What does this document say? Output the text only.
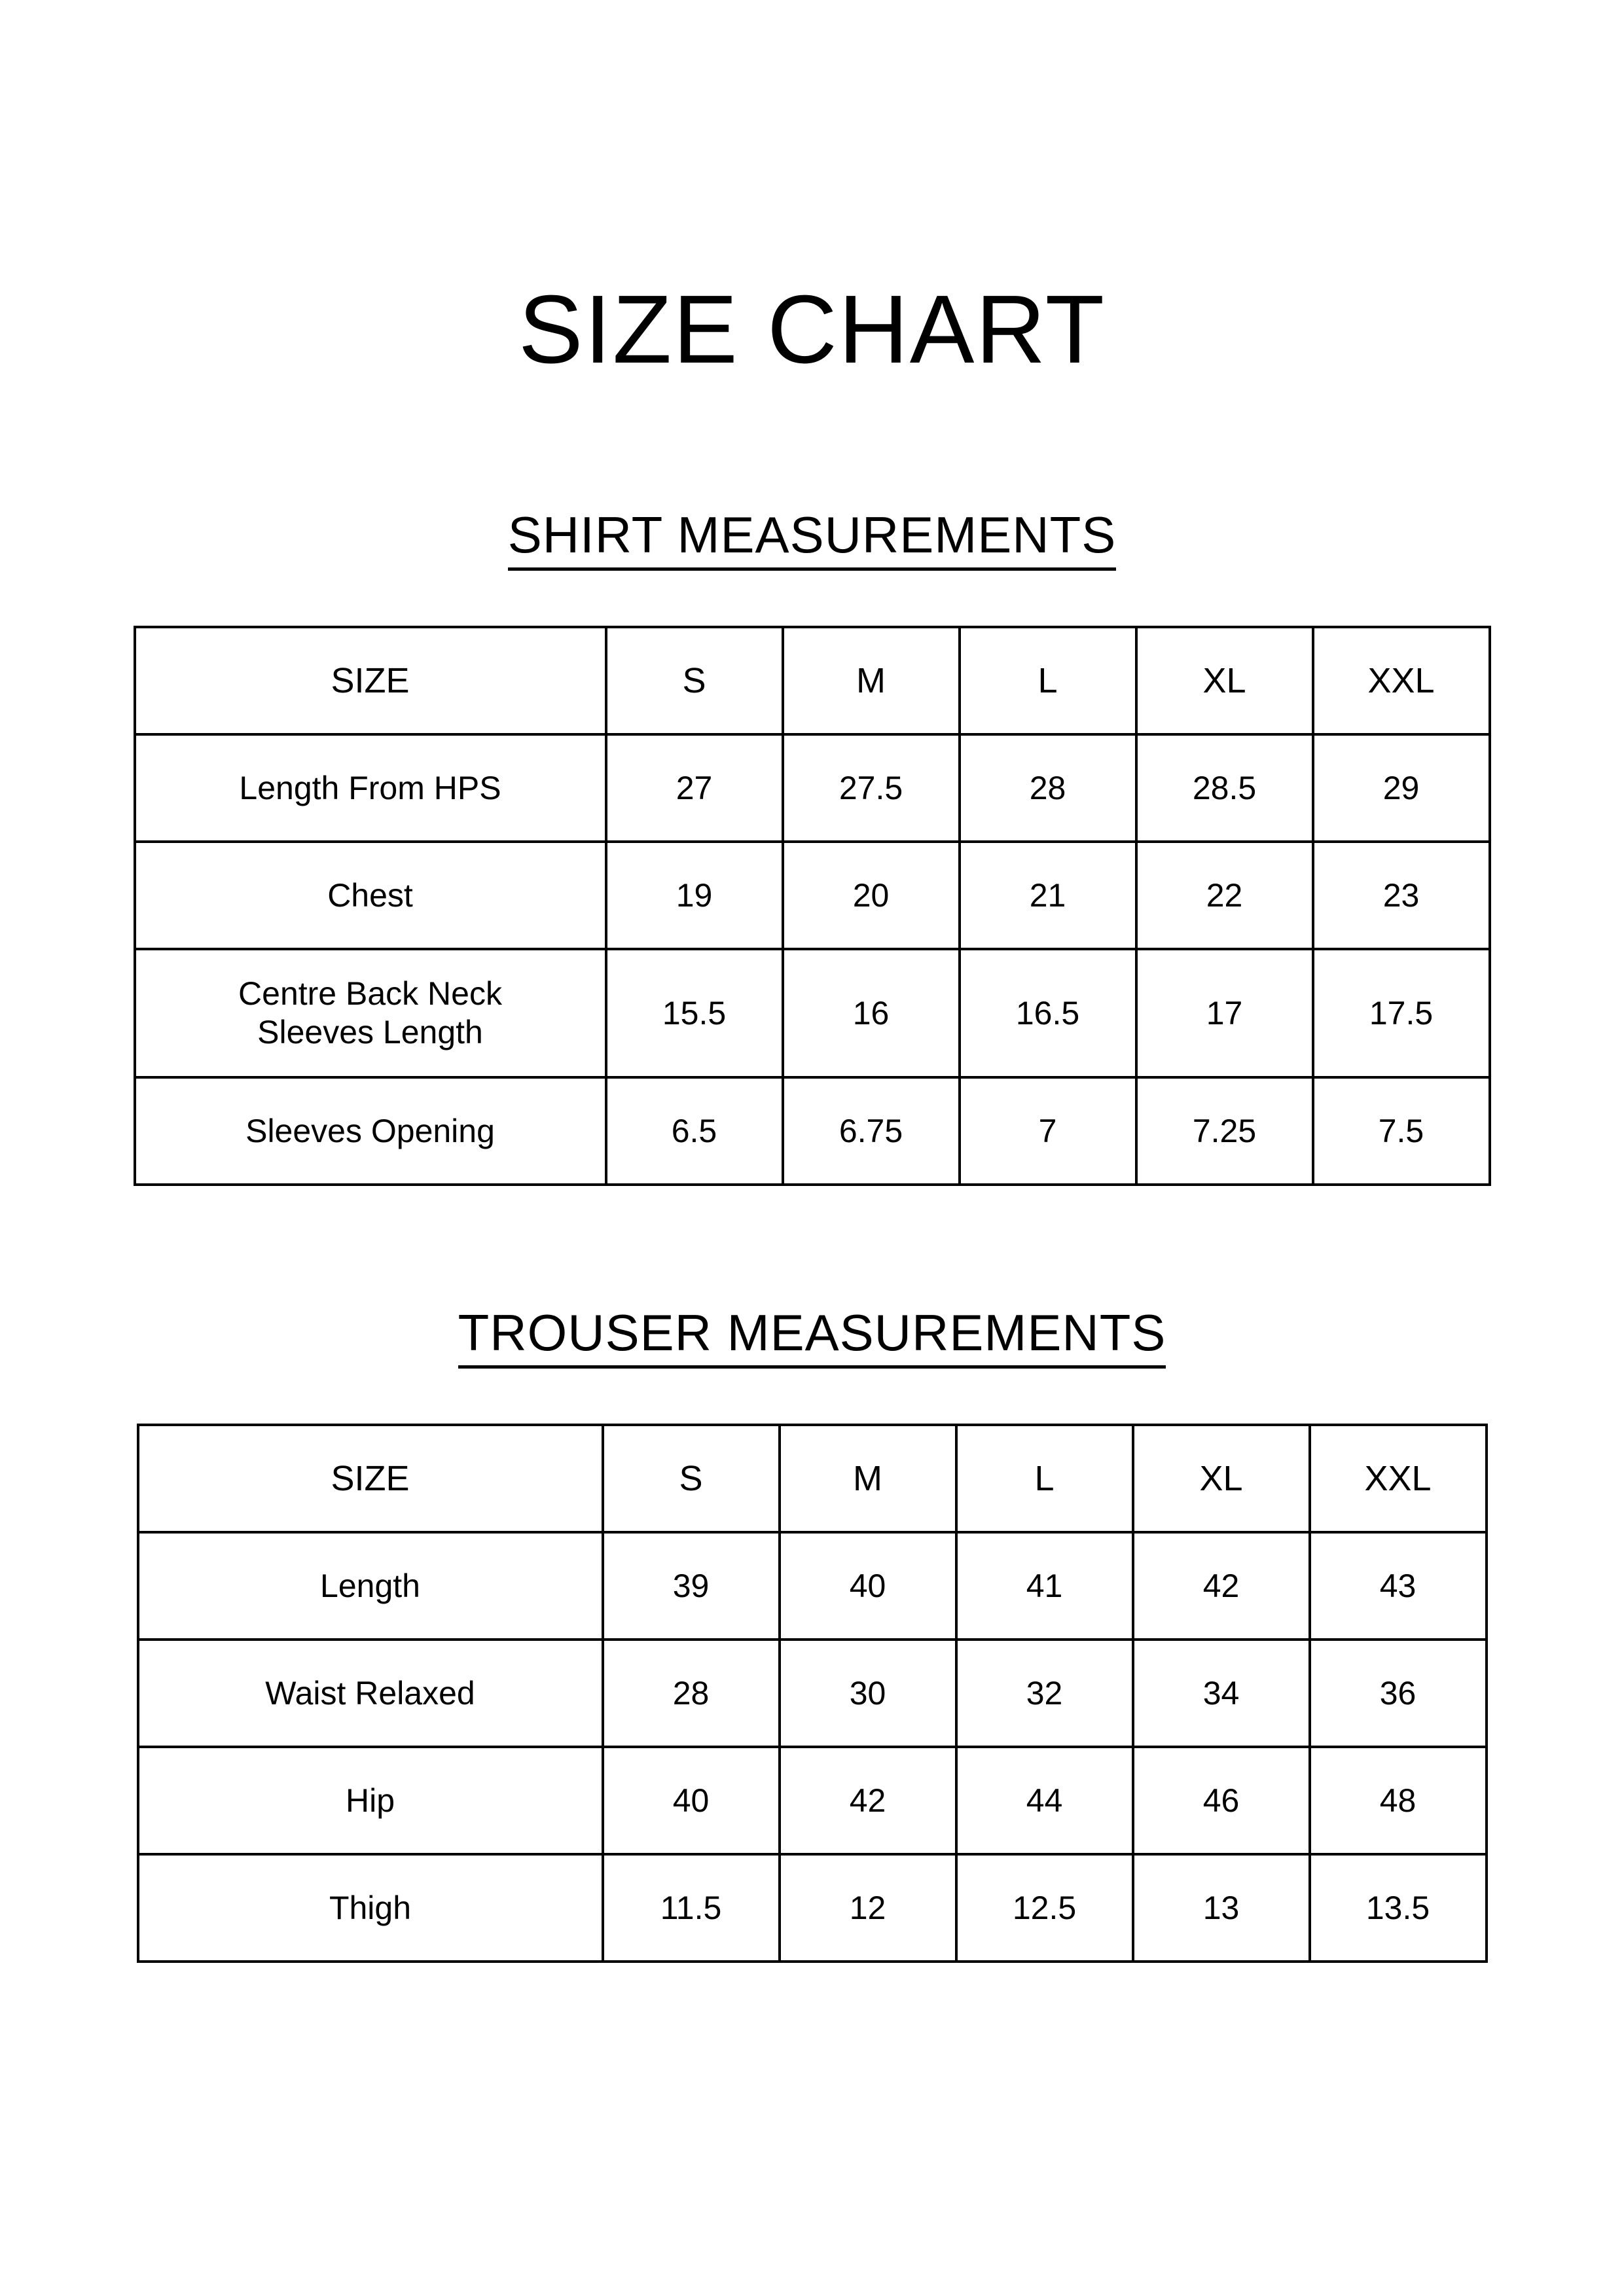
SIZE CHART
SHIRT MEASUREMENTS
SIZE	S	M	L	XL	XXL
Length From HPS	27	27.5	28	28.5	29
Chest	19	20	21	22	23

Centre Back Neck
Sleeves Length	15.5	16	16.5	17	17.5
Sleeves Opening	6.5	6.75	7	7.25	7.5
TROUSER MEASUREMENTS
SIZE	S	M	L	XL	XXL
Length	39	40	41	42	43
Waist Relaxed	28	30	32	34	36
Hip	40	42	44	46	48
Thigh	11.5	12	12.5	13	13.5
